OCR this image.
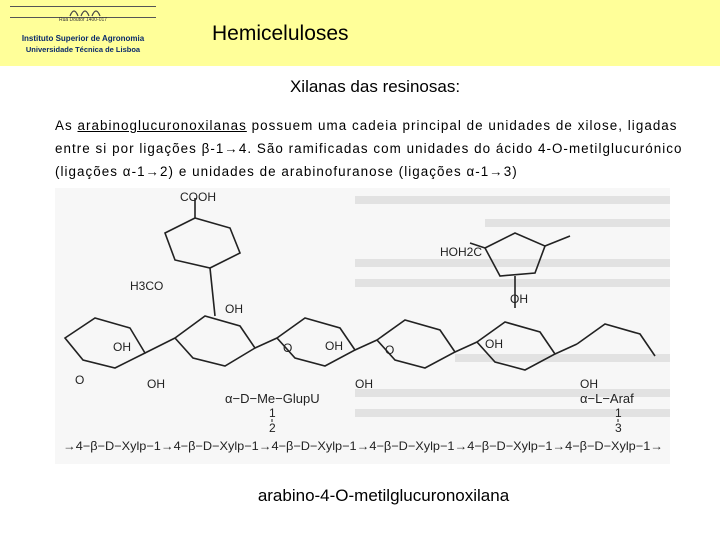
Rua Doutor 1400-017
Instituto Superior de Agronomia
Universidade Técnica de Lisboa
Hemiceluloses
Xilanas das resinosas:
As arabinoglucuronoxilanas possuem uma cadeia principal de unidades de xilose, ligadas entre si por ligações β-1→4. São ramificadas com unidades do ácido 4-O-metilglucurónico (ligações α-1→2) e unidades de arabinofuranose (ligações α-1→3)
COOH
H3CO
HOH2C
OH
OH
OH
OH
OH
OH
OH
OH
O
O	O
α−D−Me−GlupU
1
2
α−L−Araf
1
3
→4−β−D−Xylp−1→4−β−D−Xylp−1→4−β−D−Xylp−1→4−β−D−Xylp−1→4−β−D−Xylp−1→4−β−D−Xylp−1→
arabino-4-O-metilglucuronoxilana
